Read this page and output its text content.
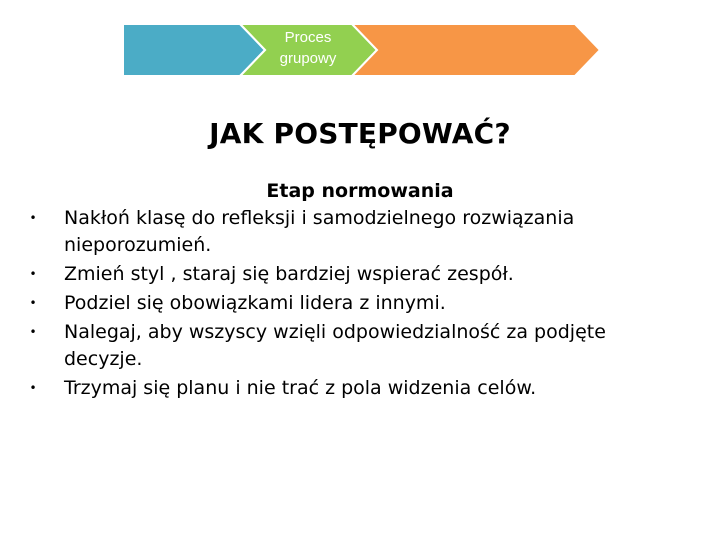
Proces
grupowy
JAK POSTĘPOWAĆ?
Etap normowania
• Nakłoń klasę do refleksji i samodzielnego rozwiązania nieporozumień.
• Zmień styl , staraj się bardziej wspierać zespół.
• Podziel się obowiązkami lidera z innymi.
• Nalegaj, aby wszyscy wzięli odpowiedzialność za podjęte decyzje.
• Trzymaj się planu i nie trać z pola widzenia celów.
